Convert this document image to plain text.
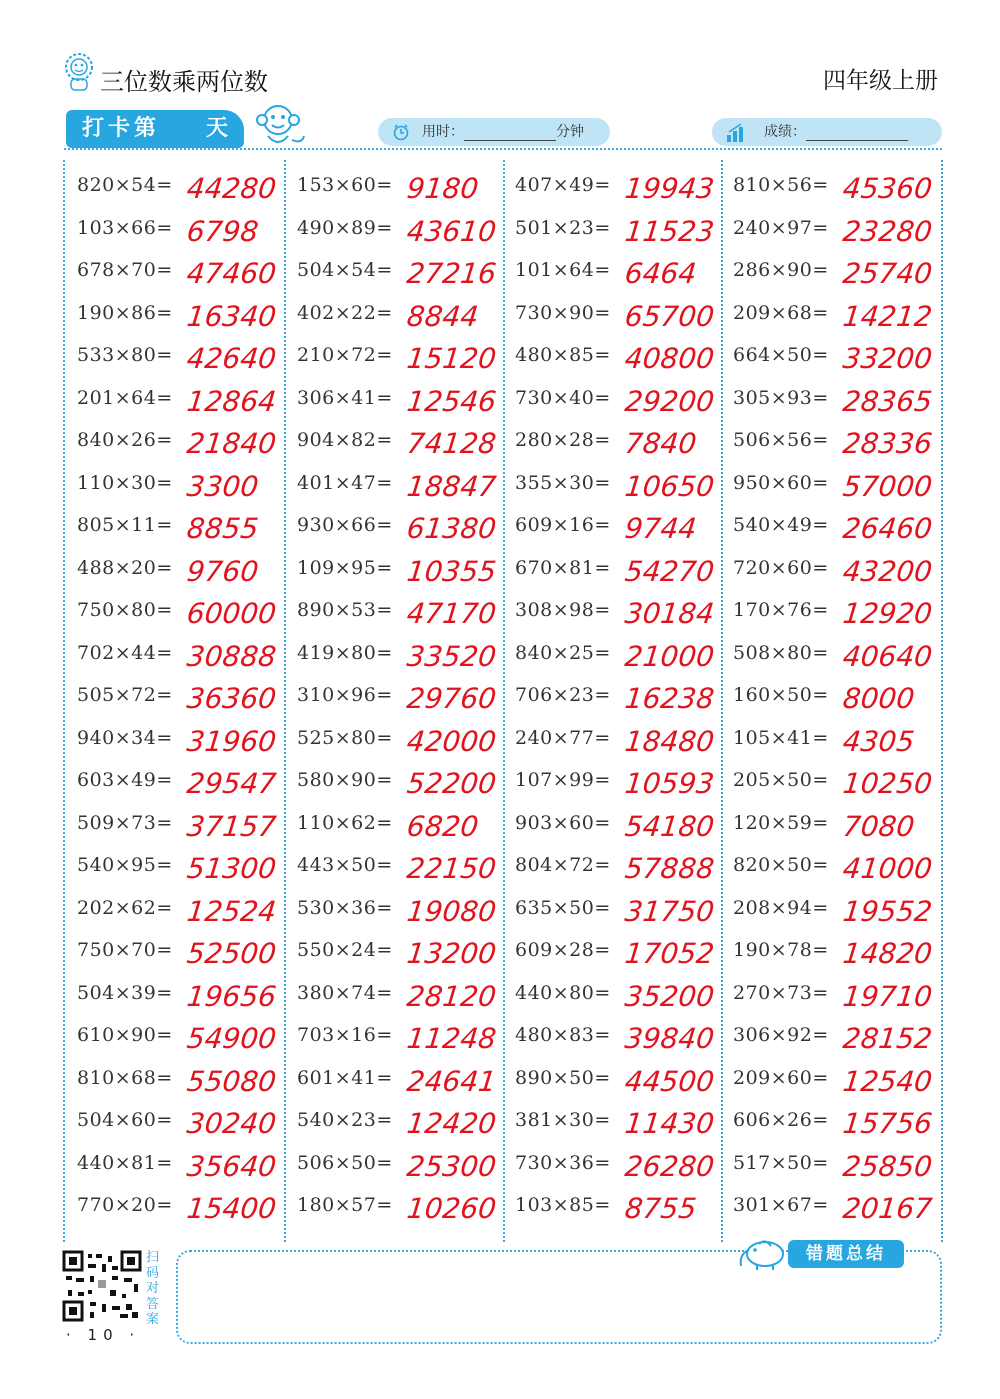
三位数乘两位数	四年级上册
打卡第 天	用时：	分钟	成绩：
820×54= 44280
103×66= 6798
678×70= 47460
190×86= 16340
533×80= 42640
201×64= 12864
840×26= 21840
110×30= 3300
805×11= 8855
488×20= 9760
750×80= 60000
702×44= 30888
505×72= 36360
940×34= 31960
603×49= 29547
509×73= 37157
540×95= 51300
202×62= 12524
750×70= 52500
504×39= 19656
610×90= 54900
810×68= 55080
504×60= 30240
440×81= 35640
770×20= 15400
153×60= 9180
490×89= 43610
504×54= 27216
402×22= 8844
210×72= 15120
306×41= 12546
904×82= 74128
401×47= 18847
930×66= 61380
109×95= 10355
890×53= 47170
419×80= 33520
310×96= 29760
525×80= 42000
580×90= 52200
110×62= 6820
443×50= 22150
530×36= 19080
550×24= 13200
380×74= 28120
703×16= 11248
601×41= 24641
540×23= 12420
506×50= 25300
180×57= 10260
407×49= 19943
501×23= 11523
101×64= 6464
730×90= 65700
480×85= 40800
730×40= 29200
280×28= 7840
355×30= 10650
609×16= 9744
670×81= 54270
308×98= 30184
840×25= 21000
706×23= 16238
240×77= 18480
107×99= 10593
903×60= 54180
804×72= 57888
635×50= 31750
609×28= 17052
440×80= 35200
480×83= 39840
890×50= 44500
381×30= 11430
730×36= 26280
103×85= 8755
810×56= 45360
240×97= 23280
286×90= 25740
209×68= 14212
664×50= 33200
305×93= 28365
506×56= 28336
950×60= 57000
540×49= 26460
720×60= 43200
170×76= 12920
508×80= 40640
160×50= 8000
105×41= 4305
205×50= 10250
120×59= 7080
820×50= 41000
208×94= 19552
190×78= 14820
270×73= 19710
306×92= 28152
209×60= 12540
606×26= 15756
517×50= 25850
301×67= 20167
扫码对答案
· 10 ·
错题总结
